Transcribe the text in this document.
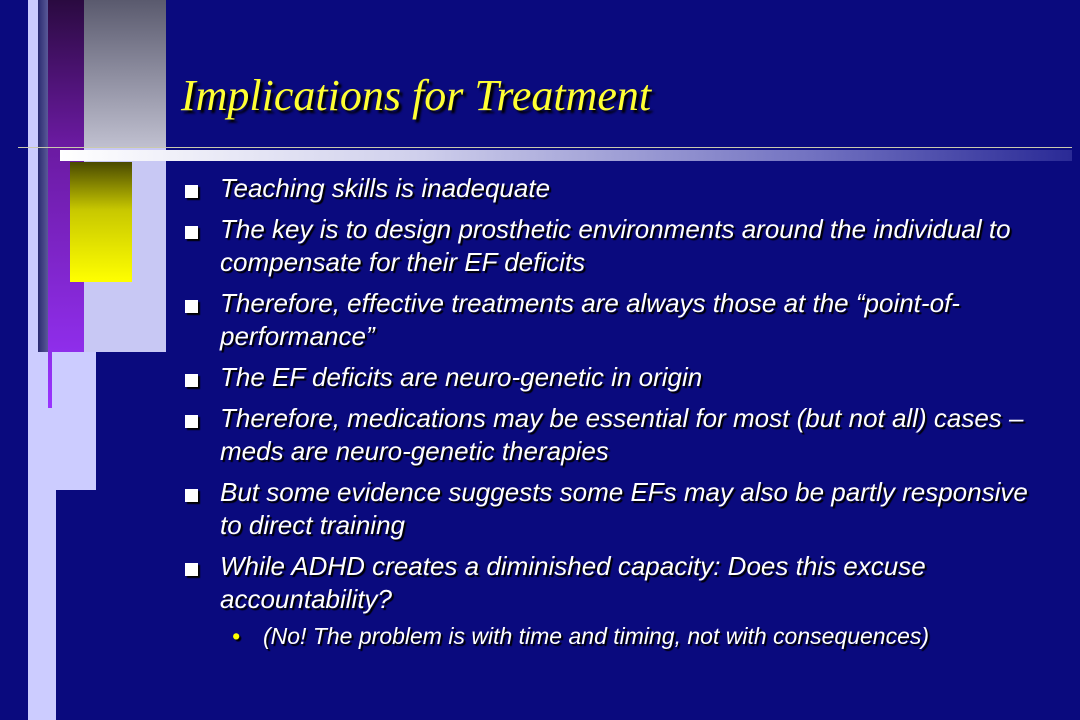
Implications for Treatment
Teaching skills is inadequate
The key is to design prosthetic environments around the individual to compensate for their EF deficits
Therefore, effective treatments are always those at the “point-of-performance”
The EF deficits are neuro-genetic in origin
Therefore, medications may be essential for most (but not all) cases – meds are neuro-genetic therapies
But some evidence suggests some EFs may also be partly responsive to direct training
While ADHD creates a diminished capacity: Does this excuse accountability?
• (No! The problem is with time and timing, not with consequences)
